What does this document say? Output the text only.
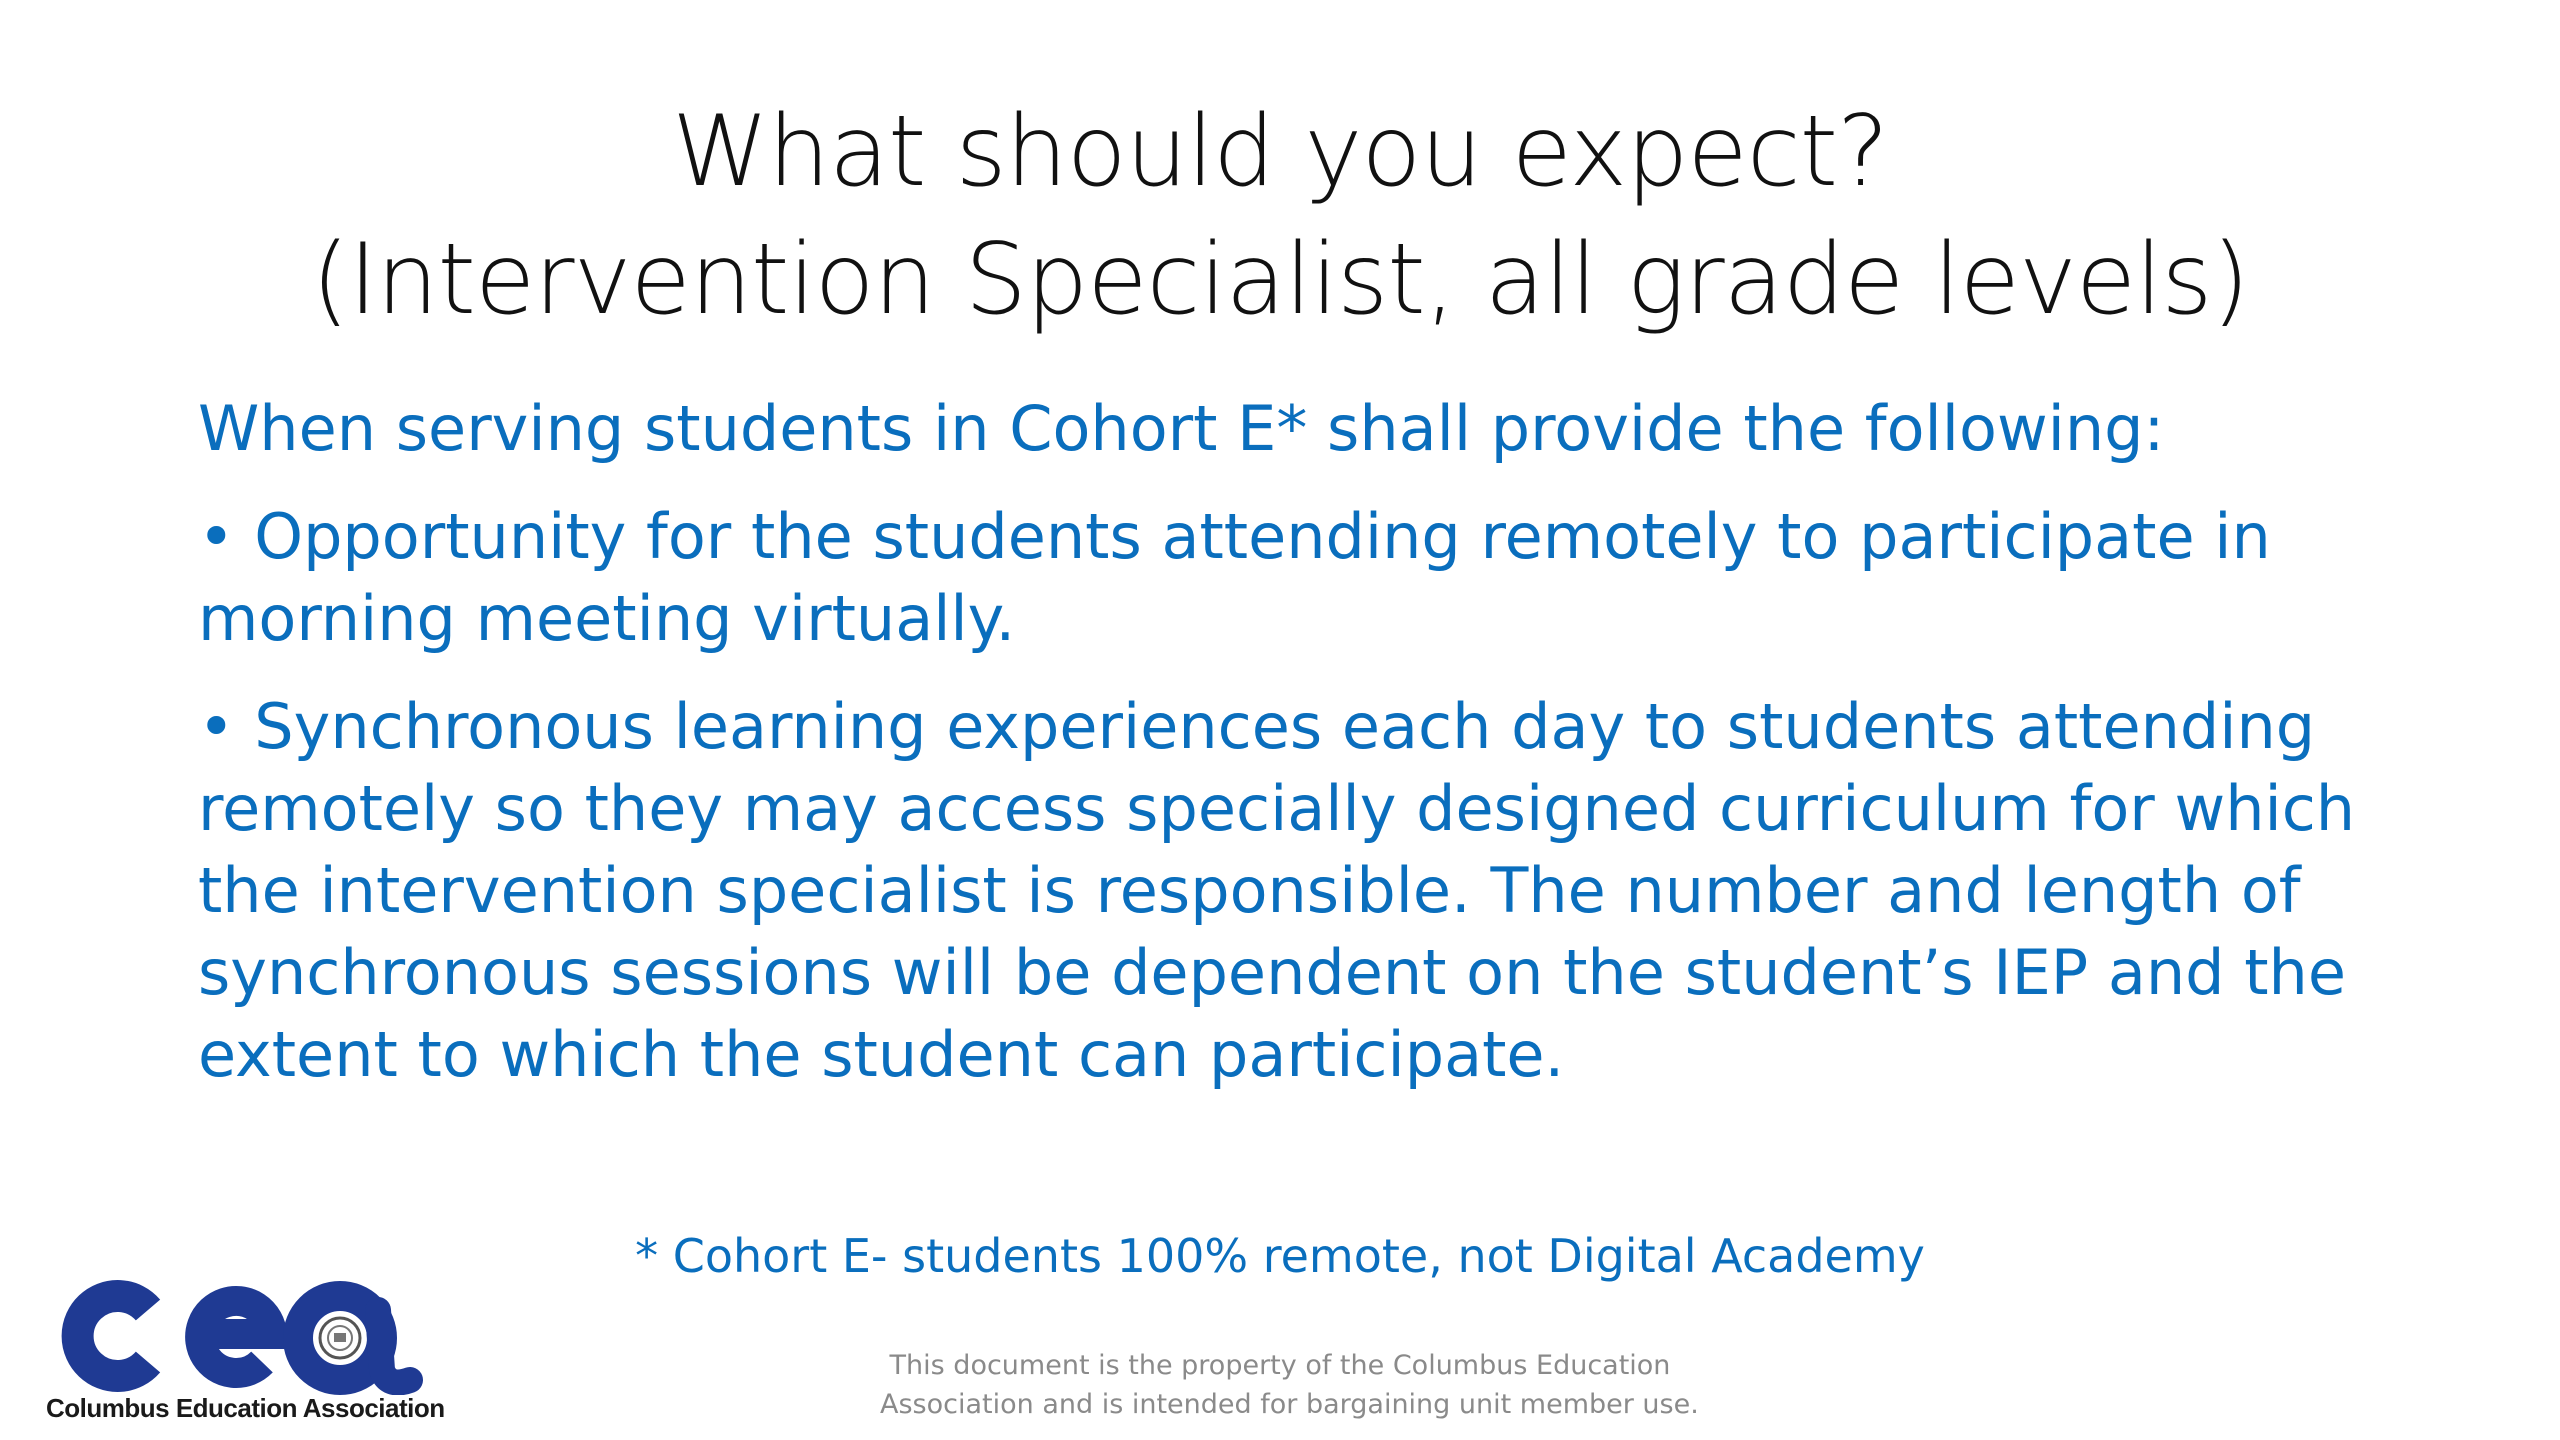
What should you expect?
(Intervention Specialist, all grade levels)

When serving students in Cohort E* shall provide the following:

• Opportunity for the students attending remotely to participate in morning meeting virtually.

• Synchronous learning experiences each day to students attending remotely so they may access specially designed curriculum for which the intervention specialist is responsible. The number and length of synchronous sessions will be dependent on the student’s IEP and the extent to which the student can participate.

* Cohort E- students 100% remote, not Digital Academy
This document is the property of the Columbus Education
Association and is intended for bargaining unit member use.
Columbus Education Association
